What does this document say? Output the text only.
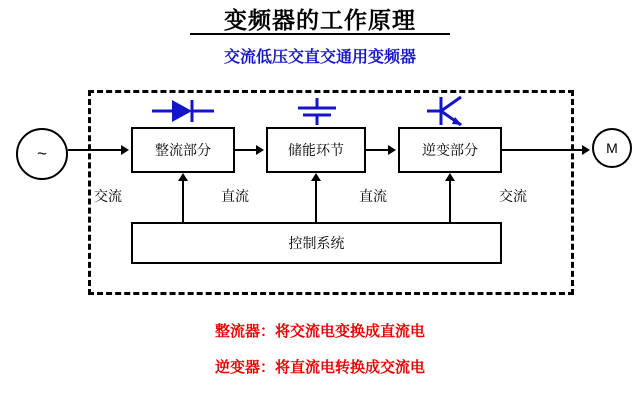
变频器的工作原理
交流低压交直交通用变频器
~	M
整流部分	储能环节	逆变部分
控制系统
交流	直流	直流	交流
整流器：将交流电变换成直流电
逆变器：将直流电转换成交流电
